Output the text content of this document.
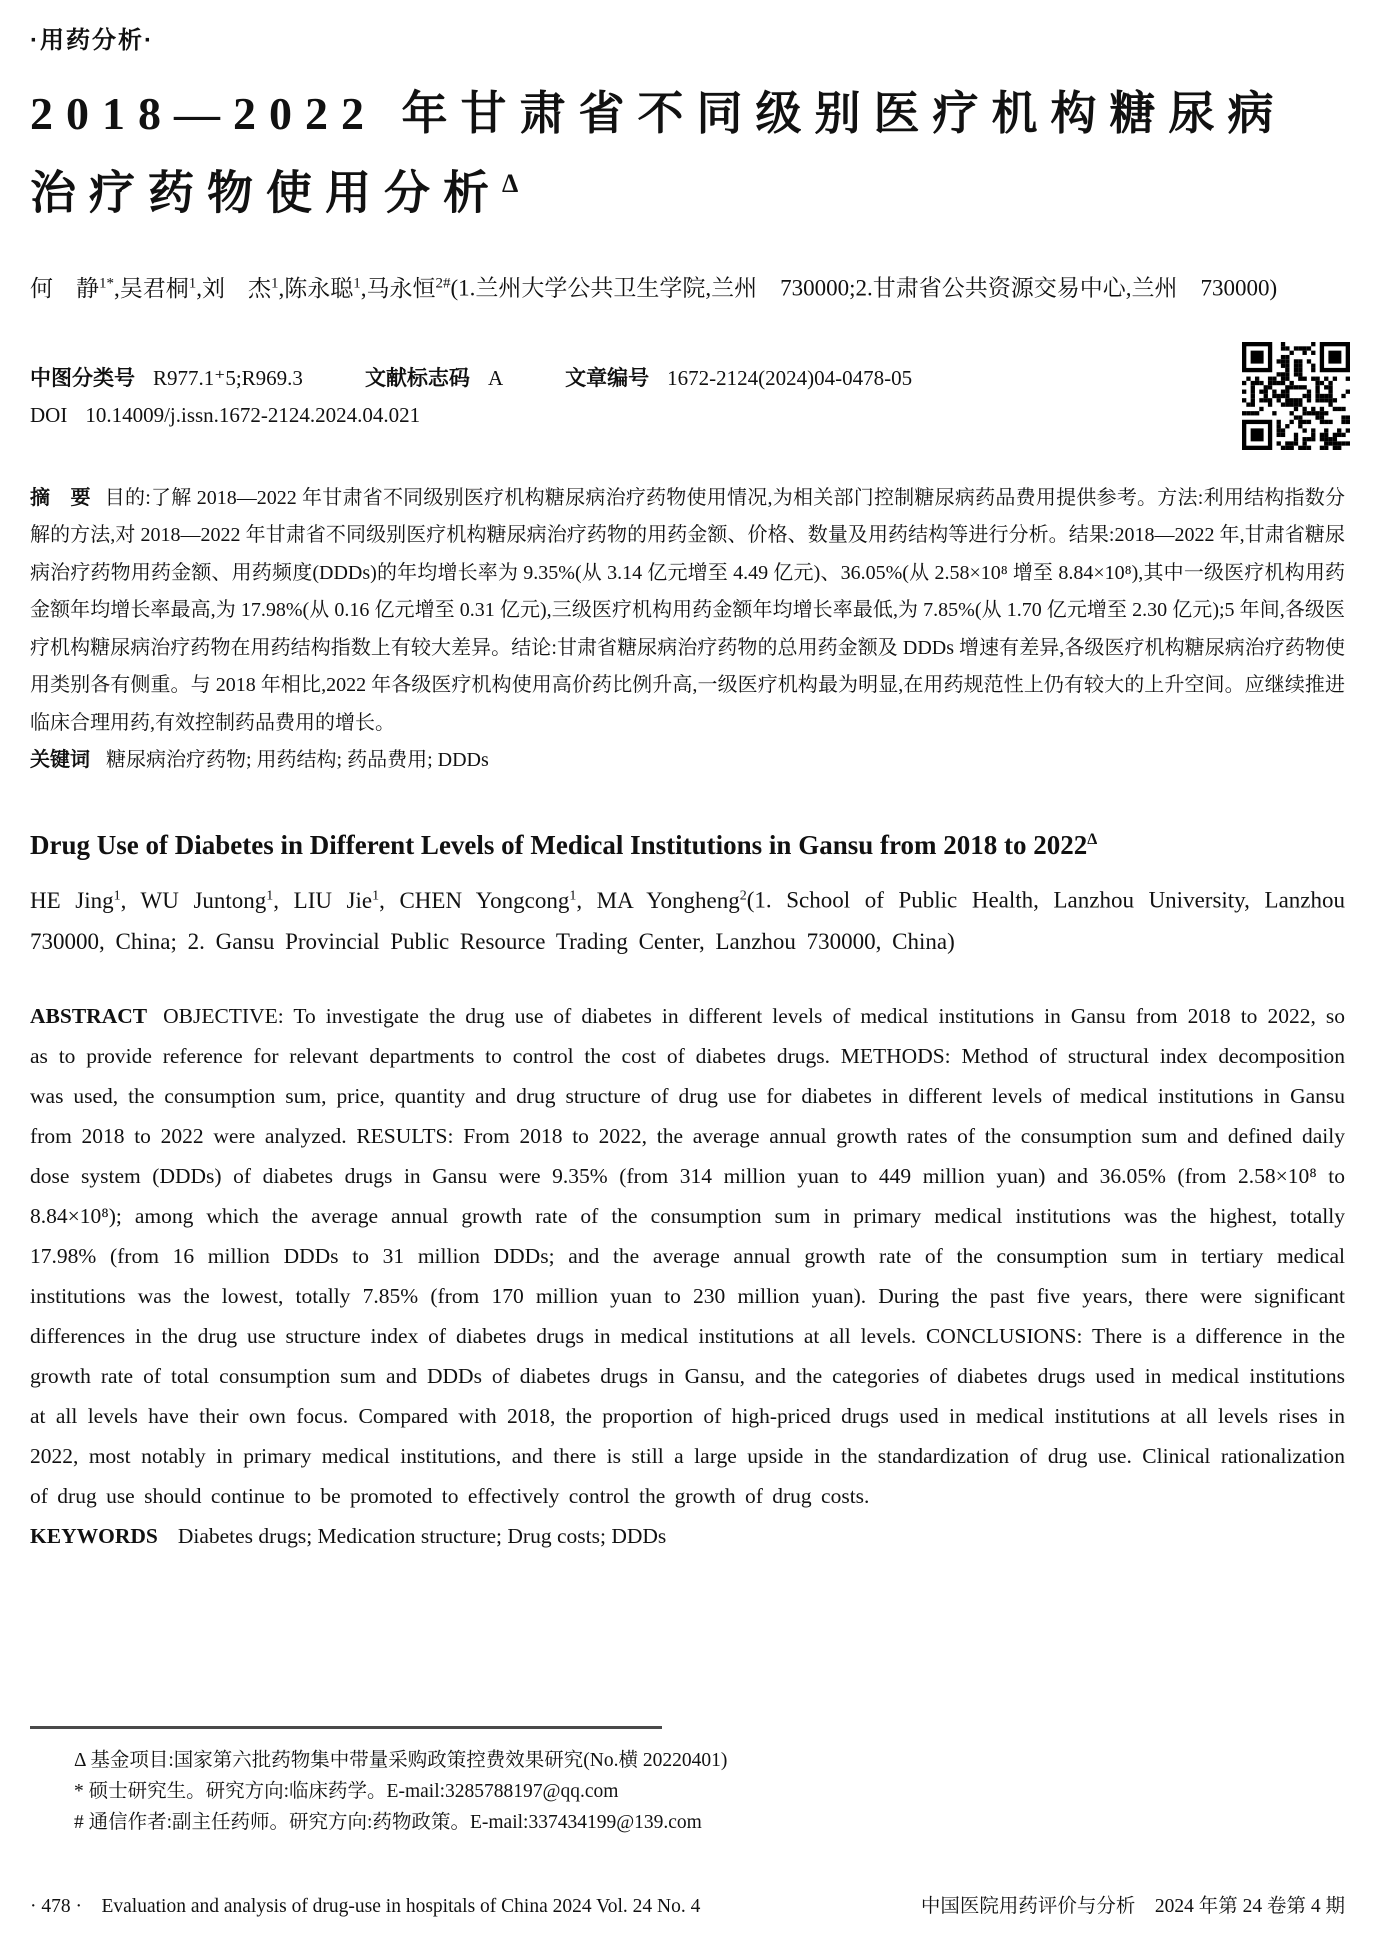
·用药分析·
2018—2022 年甘肃省不同级别医疗机构糖尿病
治疗药物使用分析$^\Delta$

何　静$^{1*}$,吴君桐$^1$,刘　杰$^1$,陈永聪$^1$,马永恒$^{2\#}$(1.兰州大学公共卫生学院,兰州　730000;2.甘肃省公共资源交易中心,兰州　730000)

中图分类号 R977.1⁺5;R969.3	文献标志码 A	文章编号 1672-2124(2024)04-0478-05
DOI 10.14009/j.issn.1672-2124.2024.04.021

摘　要 目的:了解 2018—2022 年甘肃省不同级别医疗机构糖尿病治疗药物使用情况,为相关部门控制糖尿病药品费用提供参考。方法:利用结构指数分解的方法,对 2018—2022 年甘肃省不同级别医疗机构糖尿病治疗药物的用药金额、价格、数量及用药结构等进行分析。结果:2018—2022 年,甘肃省糖尿病治疗药物用药金额、用药频度(DDDs)的年均增长率为 9.35%(从 3.14 亿元增至 4.49 亿元)、36.05%(从 2.58×10⁸ 增至 8.84×10⁸),其中一级医疗机构用药金额年均增长率最高,为 17.98%(从 0.16 亿元增至 0.31 亿元),三级医疗机构用药金额年均增长率最低,为 7.85%(从 1.70 亿元增至 2.30 亿元);5 年间,各级医疗机构糖尿病治疗药物在用药结构指数上有较大差异。结论:甘肃省糖尿病治疗药物的总用药金额及 DDDs 增速有差异,各级医疗机构糖尿病治疗药物使用类别各有侧重。与 2018 年相比,2022 年各级医疗机构使用高价药比例升高,一级医疗机构最为明显,在用药规范性上仍有较大的上升空间。应继续推进临床合理用药,有效控制药品费用的增长。

关键词 糖尿病治疗药物; 用药结构; 药品费用; DDDs

Drug Use of Diabetes in Different Levels of Medical Institutions in Gansu from 2018 to $2022^\Delta$

HE Jing$^1$, WU Juntong$^1$, LIU Jie$^1$, CHEN Yongcong$^1$, MA Yongheng$^2$(1. School of Public Health, Lanzhou University, Lanzhou 730000, China; 2. Gansu Provincial Public Resource Trading Center, Lanzhou 730000, China)

ABSTRACT OBJECTIVE: To investigate the drug use of diabetes in different levels of medical institutions in Gansu from 2018 to 2022, so as to provide reference for relevant departments to control the cost of diabetes drugs. METHODS: Method of structural index decomposition was used, the consumption sum, price, quantity and drug structure of drug use for diabetes in different levels of medical institutions in Gansu from 2018 to 2022 were analyzed. RESULTS: From 2018 to 2022, the average annual growth rates of the consumption sum and defined daily dose system (DDDs) of diabetes drugs in Gansu were 9.35% (from 314 million yuan to 449 million yuan) and 36.05% (from 2.58×10⁸ to 8.84×10⁸); among which the average annual growth rate of the consumption sum in primary medical institutions was the highest, totally 17.98% (from 16 million DDDs to 31 million DDDs; and the average annual growth rate of the consumption sum in tertiary medical institutions was the lowest, totally 7.85% (from 170 million yuan to 230 million yuan). During the past five years, there were significant differences in the drug use structure index of diabetes drugs in medical institutions at all levels. CONCLUSIONS: There is a difference in the growth rate of total consumption sum and DDDs of diabetes drugs in Gansu, and the categories of diabetes drugs used in medical institutions at all levels have their own focus. Compared with 2018, the proportion of high-priced drugs used in medical institutions at all levels rises in 2022, most notably in primary medical institutions, and there is still a large upside in the standardization of drug use. Clinical rationalization of drug use should continue to be promoted to effectively control the growth of drug costs.

KEYWORDS Diabetes drugs; Medication structure; Drug costs; DDDs

Δ 基金项目:国家第六批药物集中带量采购政策控费效果研究(No.横 20220401)

* 硕士研究生。研究方向:临床药学。E-mail:3285788197@qq.com

# 通信作者:副主任药师。研究方向:药物政策。E-mail:337434199@139.com

· 478 ·　Evaluation and analysis of drug-use in hospitals of China 2024 Vol. 24 No. 4	中国医院用药评价与分析　2024 年第 24 卷第 4 期
